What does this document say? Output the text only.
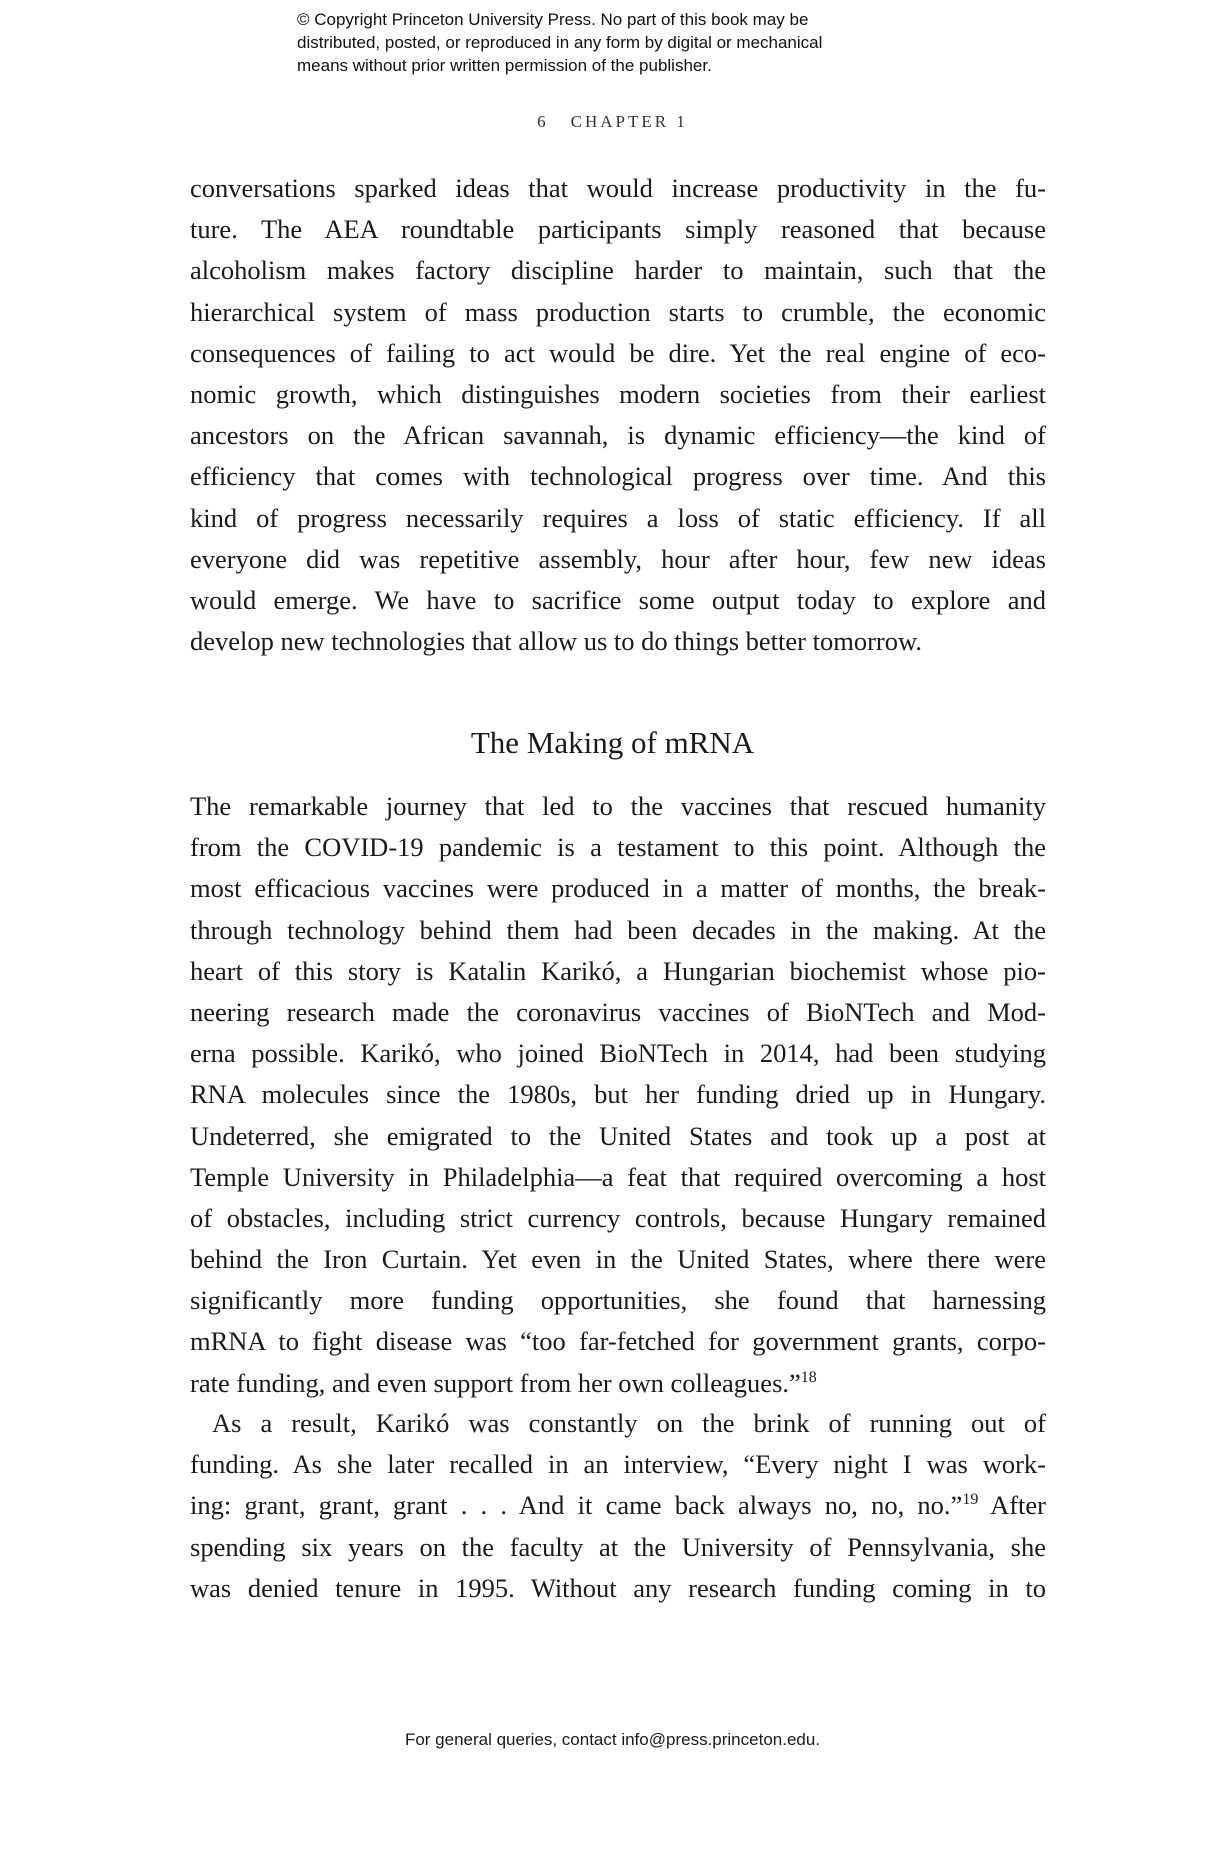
© Copyright Princeton University Press. No part of this book may be
distributed, posted, or reproduced in any form by digital or mechanical
means without prior written permission of the publisher.
6 CHAPTER 1
conversations sparked ideas that would increase productivity in the fu-
ture. The AEA roundtable participants simply reasoned that because
alcoholism makes factory discipline harder to maintain, such that the
hierarchical system of mass production starts to crumble, the economic
consequences of failing to act would be dire. Yet the real engine of eco-
nomic growth, which distinguishes modern societies from their earliest
ancestors on the African savannah, is dynamic efficiency—the kind of
efficiency that comes with technological progress over time. And this
kind of progress necessarily requires a loss of static efficiency. If all
everyone did was repetitive assembly, hour after hour, few new ideas
would emerge. We have to sacrifice some output today to explore and
develop new technologies that allow us to do things better tomorrow.
The Making of mRNA
The remarkable journey that led to the vaccines that rescued humanity
from the COVID-19 pandemic is a testament to this point. Although the
most efficacious vaccines were produced in a matter of months, the break-
through technology behind them had been decades in the making. At the
heart of this story is Katalin Karikó, a Hungarian biochemist whose pio-
neering research made the coronavirus vaccines of BioNTech and Mod-
erna possible. Karikó, who joined BioNTech in 2014, had been studying
RNA molecules since the 1980s, but her funding dried up in Hungary.
Undeterred, she emigrated to the United States and took up a post at
Temple University in Philadelphia—a feat that required overcoming a host
of obstacles, including strict currency controls, because Hungary remained
behind the Iron Curtain. Yet even in the United States, where there were
significantly more funding opportunities, she found that harnessing
mRNA to fight disease was “too far-fetched for government grants, corpo-
rate funding, and even support from her own colleagues.”$^{18}$
As a result, Karikó was constantly on the brink of running out of
funding. As she later recalled in an interview, “Every night I was work-
ing: grant, grant, grant . . . And it came back always no, no, no.”$^{19}$ After
spending six years on the faculty at the University of Pennsylvania, she
was denied tenure in 1995. Without any research funding coming in to
For general queries, contact info@press.princeton.edu.
